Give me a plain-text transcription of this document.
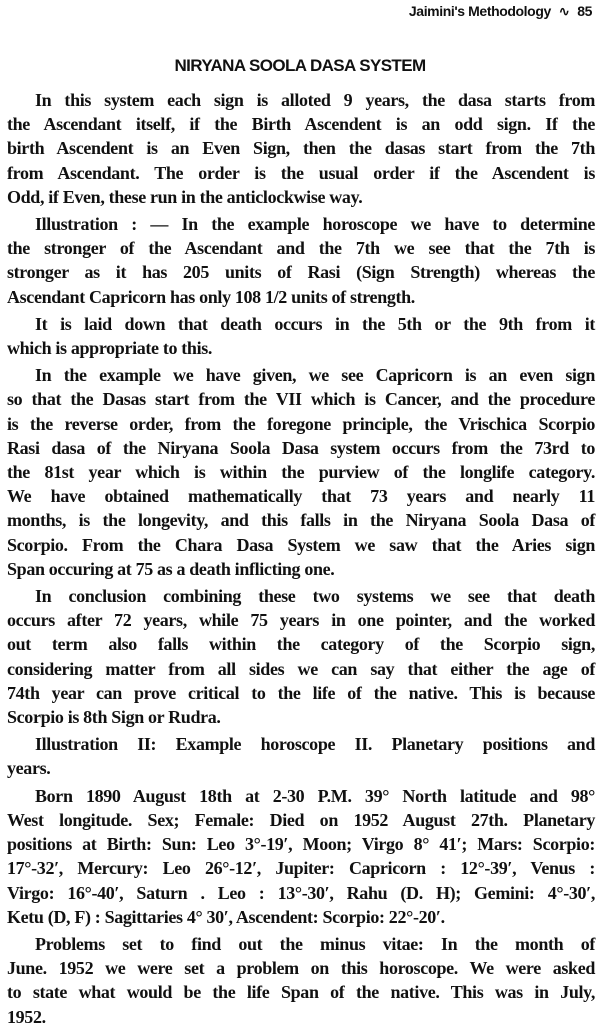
Jaimini's Methodology ∿ 85
NIRYANA SOOLA DASA SYSTEM
In this system each sign is alloted 9 years, the dasa starts from
the Ascendant itself, if the Birth Ascendent is an odd sign. If the
birth Ascendent is an Even Sign, then the dasas start from the 7th
from Ascendant. The order is the usual order if the Ascendent is
Odd, if Even, these run in the anticlockwise way.
Illustration : — In the example horoscope we have to determine
the stronger of the Ascendant and the 7th we see that the 7th is
stronger as it has 205 units of Rasi (Sign Strength) whereas the
Ascendant Capricorn has only 108 1/2 units of strength.
It is laid down that death occurs in the 5th or the 9th from it
which is appropriate to this.
In the example we have given, we see Capricorn is an even sign
so that the Dasas start from the VII which is Cancer, and the procedure
is the reverse order, from the foregone principle, the Vrischica Scorpio
Rasi dasa of the Niryana Soola Dasa system occurs from the 73rd to
the 81st year which is within the purview of the longlife category.
We have obtained mathematically that 73 years and nearly 11
months, is the longevity, and this falls in the Niryana Soola Dasa of
Scorpio. From the Chara Dasa System we saw that the Aries sign
Span occuring at 75 as a death inflicting one.
In conclusion combining these two systems we see that death
occurs after 72 years, while 75 years in one pointer, and the worked
out term also falls within the category of the Scorpio sign,
considering matter from all sides we can say that either the age of
74th year can prove critical to the life of the native. This is because
Scorpio is 8th Sign or Rudra.
Illustration II: Example horoscope II. Planetary positions and
years.
Born 1890 August 18th at 2-30 P.M. 39° North latitude and 98°
West longitude. Sex; Female: Died on 1952 August 27th. Planetary
positions at Birth: Sun: Leo 3°-19′, Moon; Virgo 8° 41′; Mars: Scorpio:
17°-32′, Mercury: Leo 26°-12′, Jupiter: Capricorn : 12°-39′, Venus :
Virgo: 16°-40′, Saturn . Leo : 13°-30′, Rahu (D. H); Gemini: 4°-30′,
Ketu (D, F) : Sagittaries 4° 30′, Ascendent: Scorpio: 22°-20′.
Problems set to find out the minus vitae: In the month of
June. 1952 we were set a problem on this horoscope. We were asked
to state what would be the life Span of the native. This was in July,
1952.
